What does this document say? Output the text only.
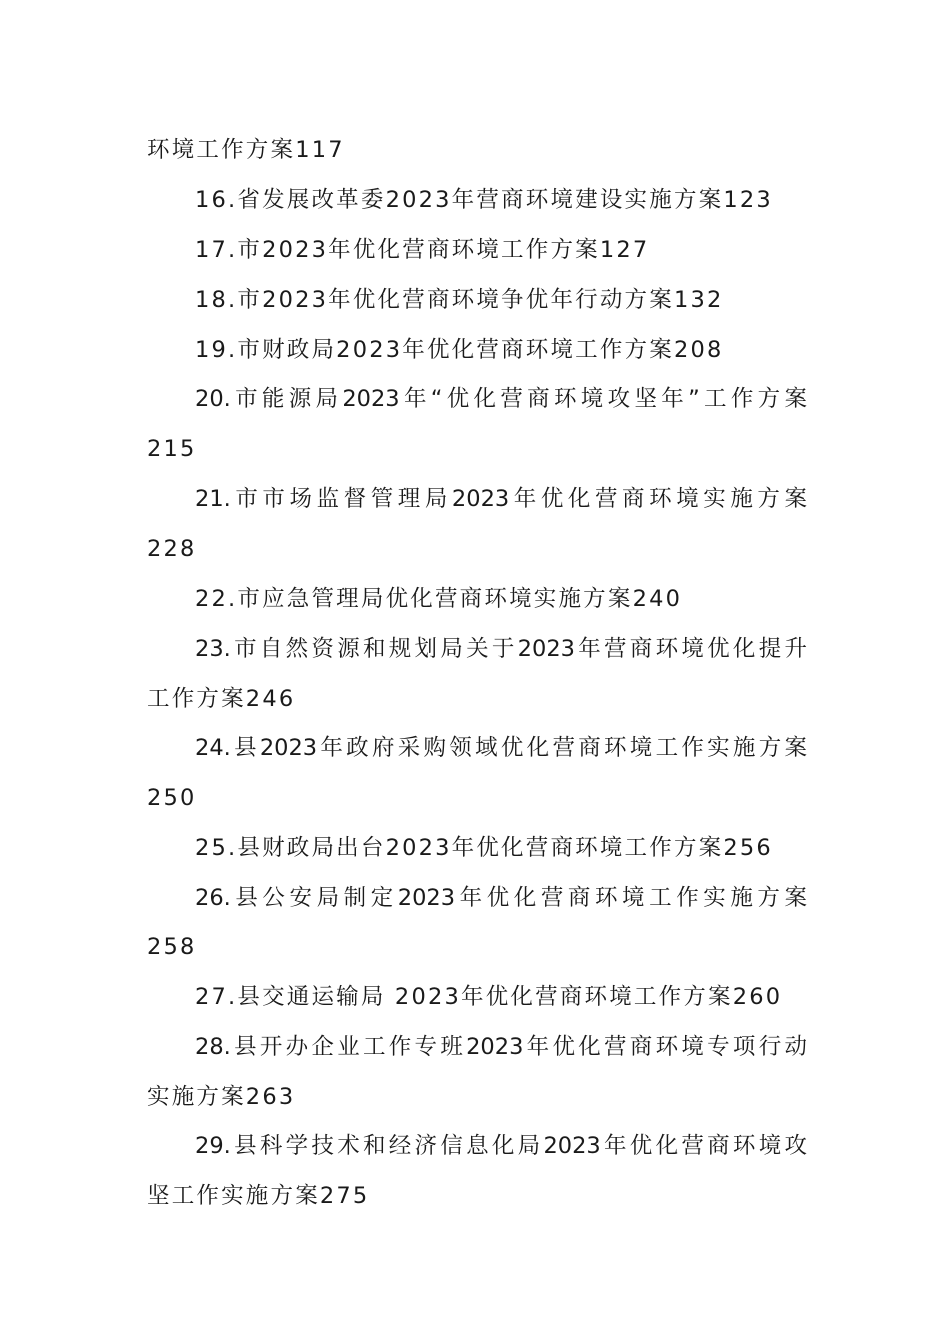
环境工作方案117
16.省发展改革委2023年营商环境建设实施方案123
17.市2023年优化营商环境工作方案127
18.市2023年优化营商环境争优年行动方案132
19.市财政局2023年优化营商环境工作方案208
20.市能源局2023年“优化营商环境攻坚年”工作方案
215
21.市市场监督管理局2023年优化营商环境实施方案
228
22.市应急管理局优化营商环境实施方案240
23.市自然资源和规划局关于2023年营商环境优化提升
工作方案246
24.县2023年政府采购领域优化营商环境工作实施方案
250
25.县财政局出台2023年优化营商环境工作方案256
26.县公安局制定2023年优化营商环境工作实施方案
258
27.县交通运输局 2023年优化营商环境工作方案260
28.县开办企业工作专班2023年优化营商环境专项行动
实施方案263
29.县科学技术和经济信息化局2023年优化营商环境攻
坚工作实施方案275
